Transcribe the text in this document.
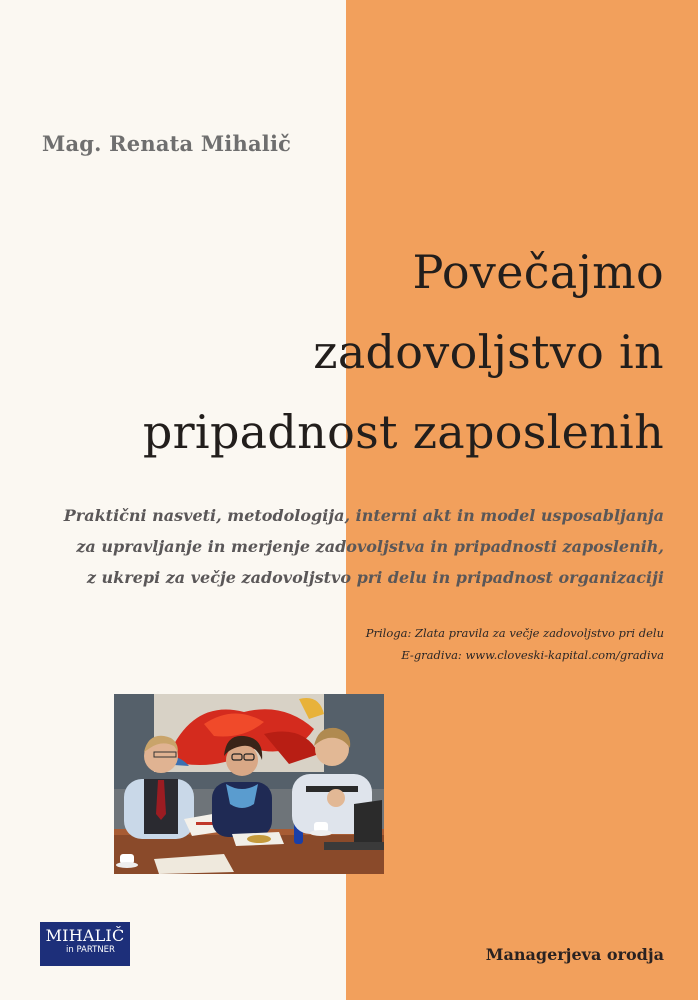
Mag. Renata Mihalič
Povečajmo
zadovoljstvo in
pripadnost zaposlenih
Praktični nasveti, metodologija, interni akt in model usposabljanja
za upravljanje in merjenje zadovoljstva in pripadnosti zaposlenih,
z ukrepi za večje zadovoljstvo pri delu in pripadnost organizaciji
Priloga: Zlata pravila za večje zadovoljstvo pri delu
E-gradiva: www.cloveski-kapital.com/gradiva
MIHALIČ
in PARTNER	Managerjeva orodja
